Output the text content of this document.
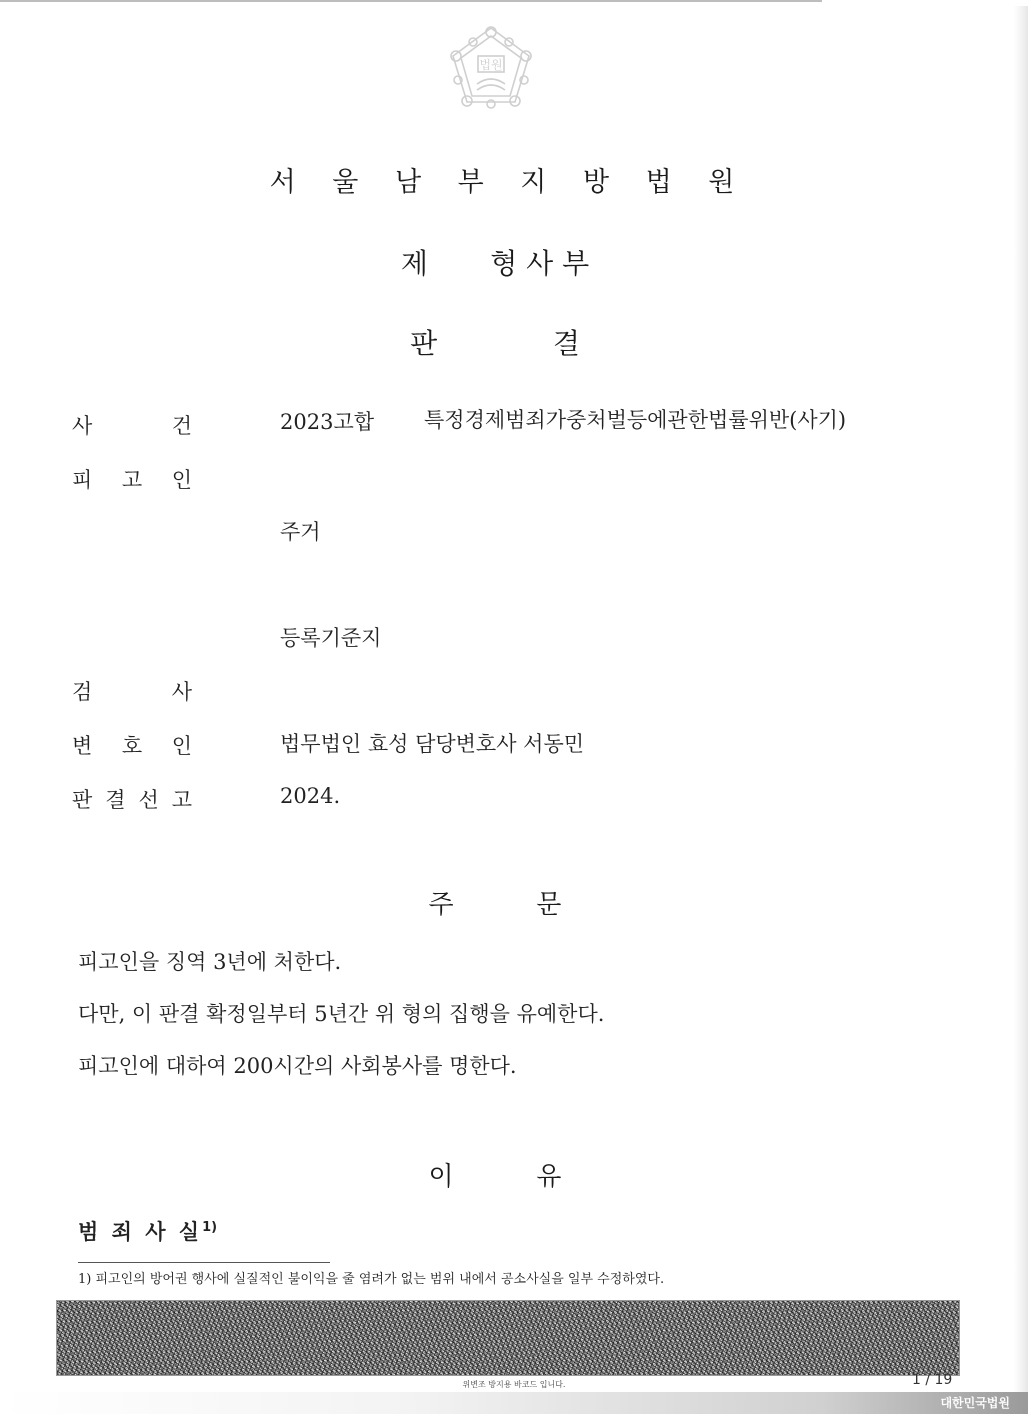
법원
서 울 남 부 지 방 법 원
제       형 사 부
판             결
사	건	2023고합 특정경제범죄가중처벌등에관한법률위반(사기)
피 고 인
주거
등록기준지
검	사
변 호 인	법무법인 효성 담당변호사 서동민
판 결 선 고	2024.
주          문
피고인을 징역 3년에 처한다.
다만, 이 판결 확정일부터 5년간 위 형의 집행을 유예한다.
피고인에 대하여 200시간의 사회봉사를 명한다.
이          유
범 죄 사 실$^{1)}$
1) 피고인의 방어권 행사에 실질적인 불이익을 줄 염려가 없는 범위 내에서 공소사실을 일부 수정하였다.
위변조 방지용 바코드 입니다.	1 / 19
대한민국법원
